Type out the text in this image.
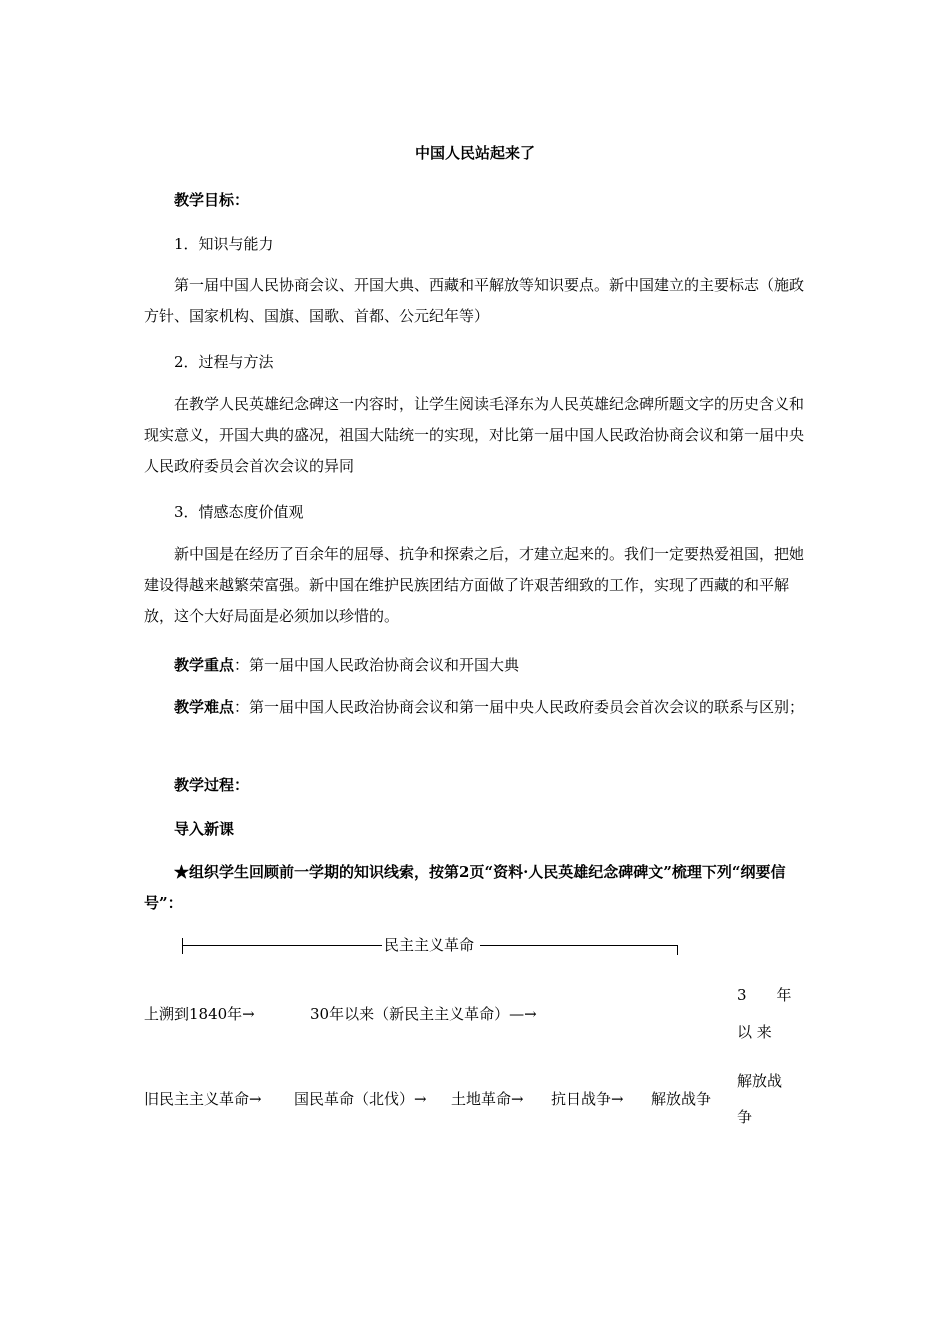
中国人民站起来了

教学目标：

1．知识与能力

第一届中国人民协商会议、开国大典、西藏和平解放等知识要点。新中国建立的主要标志（施政方针、国家机构、国旗、国歌、首都、公元纪年等）

2．过程与方法

在教学人民英雄纪念碑这一内容时，让学生阅读毛泽东为人民英雄纪念碑所题文字的历史含义和现实意义，开国大典的盛况，祖国大陆统一的实现，对比第一届中国人民政治协商会议和第一届中央人民政府委员会首次会议的异同

3．情感态度价值观

新中国是在经历了百余年的屈辱、抗争和探索之后，才建立起来的。我们一定要热爱祖国，把她建设得越来越繁荣富强。新中国在维护民族团结方面做了许艰苦细致的工作，实现了西藏的和平解放，这个大好局面是必须加以珍惜的。

教学重点：第一届中国人民政治协商会议和开国大典

教学难点：第一届中国人民政治协商会议和第一届中央人民政府委员会首次会议的联系与区别；

教学过程：

导入新课

★组织学生回顾前一学期的知识线索，按第2页“资料·人民英雄纪念碑碑文”梳理下列“纲要信号”：

民主主义革命
上溯到1840年→	30年以来（新民主主义革命）—→
3　　年
以 来
旧民主主义革命→ 国民革命（北伐）→ 土地革命→ 抗日战争→ 解放战争
解放战
争
